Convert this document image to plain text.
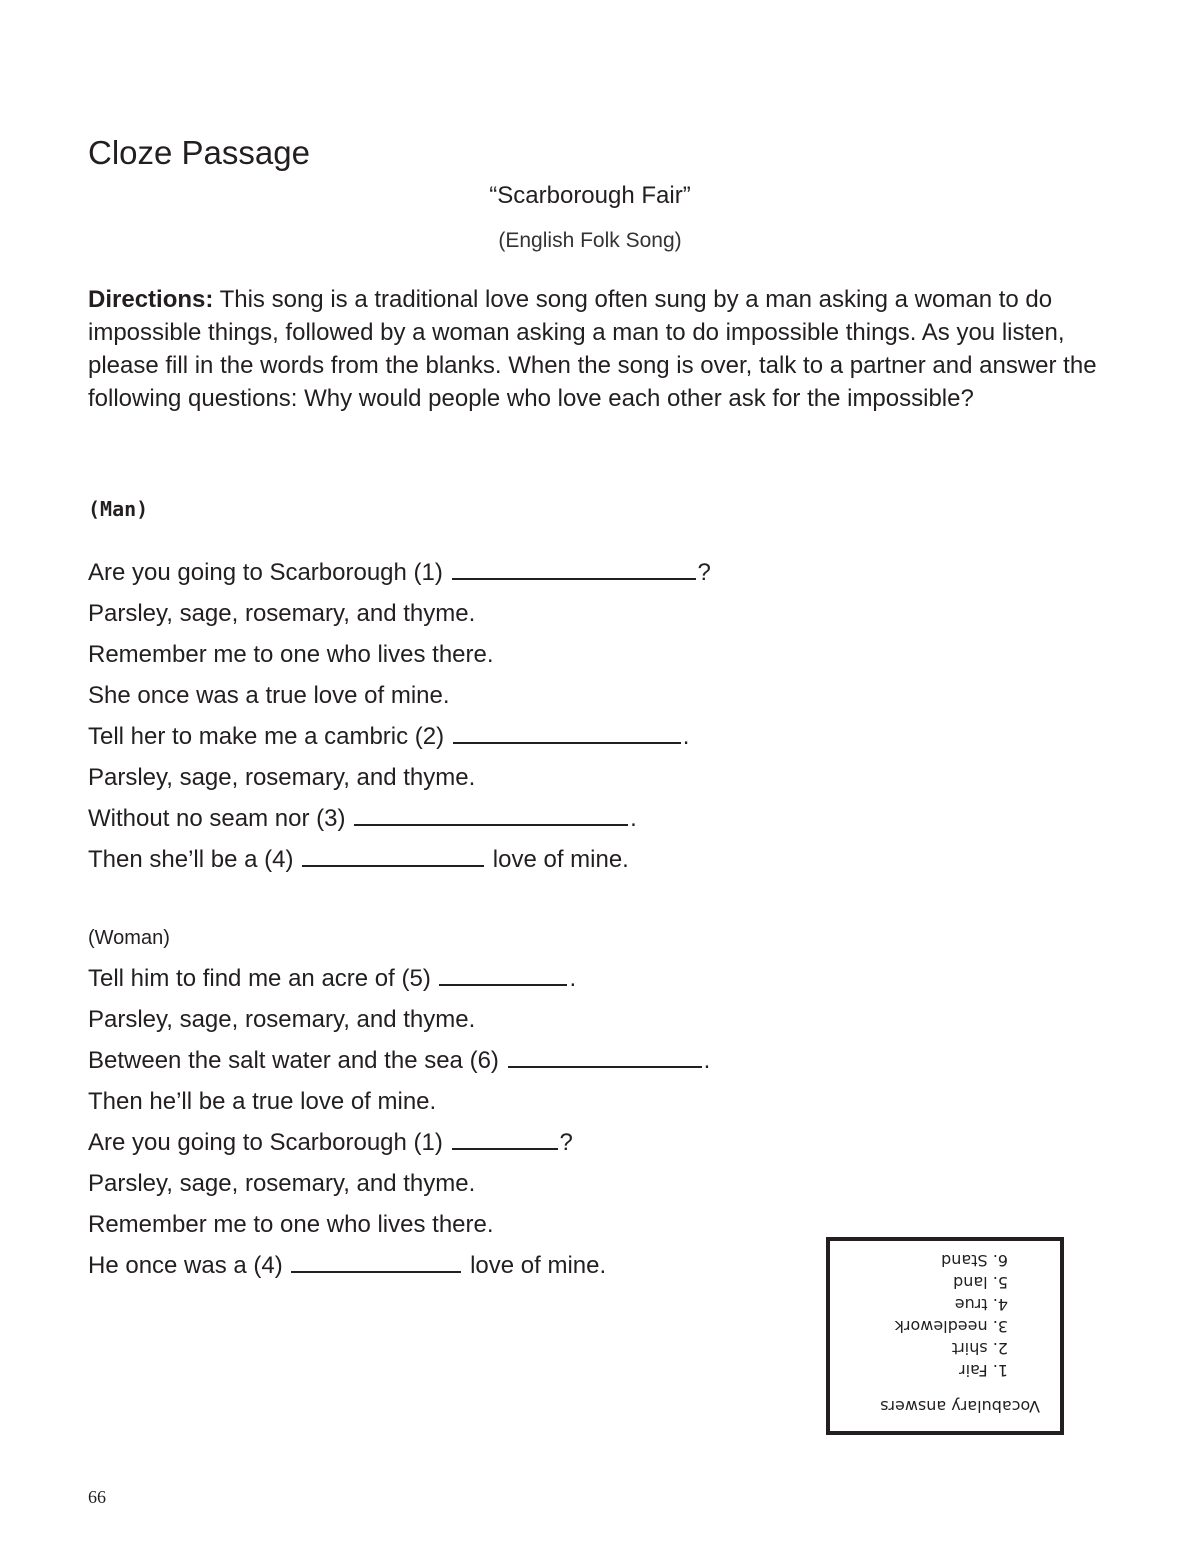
Cloze Passage
“Scarborough Fair”
(English Folk Song)

Directions: This song is a traditional love song often sung by a man asking a woman to do impossible things, followed by a woman asking a man to do impossible things. As you listen, please fill in the words from the blanks. When the song is over, talk to a partner and answer the following questions: Why would people who love each other ask for the impossible?

(Man)
Are you going to Scarborough (1)	?
Parsley, sage, rosemary, and thyme.
Remember me to one who lives there.
She once was a true love of mine.
Tell her to make me a cambric (2)	.
Parsley, sage, rosemary, and thyme.
Without no seam nor (3)	.
Then she’ll be a (4)	love of mine.
(Woman)
Tell him to find me an acre of (5)	.
Parsley, sage, rosemary, and thyme.
Between the salt water and the sea (6)	.
Then he’ll be a true love of mine.
Are you going to Scarborough (1)	?
Parsley, sage, rosemary, and thyme.
Remember me to one who lives there.
He once was a (4)	love of mine.
Vocabulary answers
1. Fair
2. shirt
3. needlework
4. true
5. land
6. Stand
66
